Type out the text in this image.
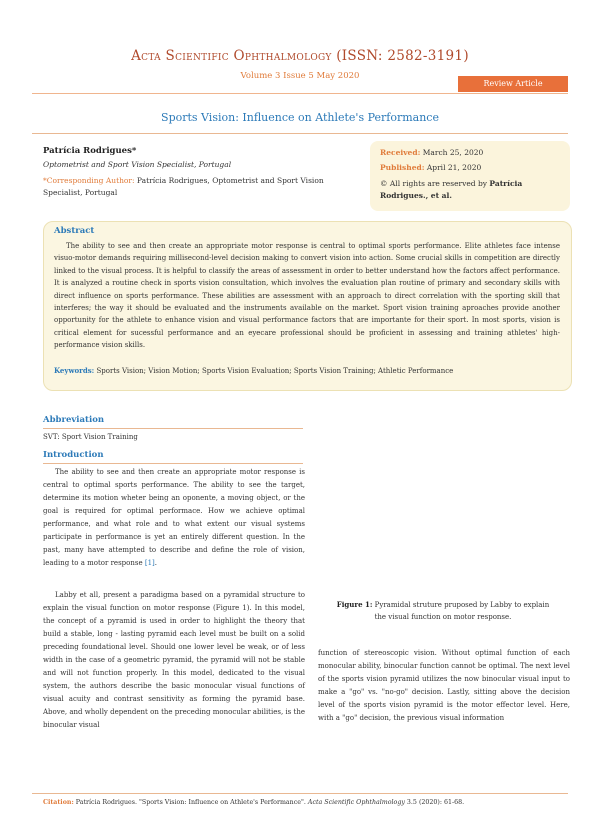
Acta Scientific Ophthalmology (ISSN: 2582-3191)
Volume 3 Issue 5 May 2020
Review Article
Sports Vision: Influence on Athlete's Performance
Patrícia Rodrigues*
Optometrist and Sport Vision Specialist, Portugal
*Corresponding Author: Patrícia Rodrigues, Optometrist and Sport Vision Specialist, Portugal
Received: March 25, 2020
Published: April 21, 2020
© All rights are reserved by Patrícia
Rodrigues., et al.
Abstract
The ability to see and then create an appropriate motor response is central to optimal sports performance. Elite athletes face intense visuo-motor demands requiring millisecond-level decision making to convert vision into action. Some crucial skills in competition are directly linked to the visual process. It is helpful to classify the areas of assessment in order to better understand how the factors affect performance. It is analyzed a routine check in sports vision consultation, which involves the evaluation plan routine of primary and secondary skills with direct influence on sports performance. These abilities are assessment with an approach to direct correlation with the sporting skill that interferes; the way it should be evaluated and the instruments available on the market. Sport vision training aproaches provide another opportunity for the athlete to enhance vision and visual performance factors that are importante for their sport. In most sports, vision is critical element for sucessful performance and an eyecare professional should be proficient in assessing and training athletes' high-performance vision skills.
Keywords: Sports Vision; Vision Motion; Sports Vision Evaluation; Sports Vision Training; Athletic Performance
Abbreviation
SVT: Sport Vision Training
Introduction
The ability to see and then create an appropriate motor response is central to optimal sports performance. The ability to see the target, determine its motion wheter being an oponente, a moving object, or the goal is required for optimal performace. How we achieve optimal performance, and what role and to what extent our visual systems participate in performance is yet an entirely different question. In the past, many have attempted to describe and define the role of vision, leading to a motor response [1].
Labby et all, present a paradigma based on a pyramidal structure to explain the visual function on motor response (Figure 1). In this model, the concept of a pyramid is used in order to highlight the theory that build a stable, long - lasting pyramid each level must be built on a solid preceding foundational level. Should one lower level be weak, or of less width in the case of a geometric pyramid, the pyramid will not be stable and will not function properly. In this model, dedicated to the visual system, the authors describe the basic monocular visual functions of visual acuity and contrast sensitivity as forming the pyramid base. Above, and wholly dependent on the preceding monocular abilities, is the binocular visual
Figure 1: Pyramidal struture pruposed by Labby to explain the visual function on motor response.
function of stereoscopic vision. Without optimal function of each monocular ability, binocular function cannot be optimal. The next level of the sports vision pyramid utilizes the now binocular visual input to make a "go" vs. "no-go" decision. Lastly, sitting above the decision level of the sports vision pyramid is the motor effector level. Here, with a "go" decision, the previous visual information
Citation: Patrícia Rodrigues. "Sports Vision: Influence on Athlete's Performance". Acta Scientific Ophthalmology 3.5 (2020): 61-68.
